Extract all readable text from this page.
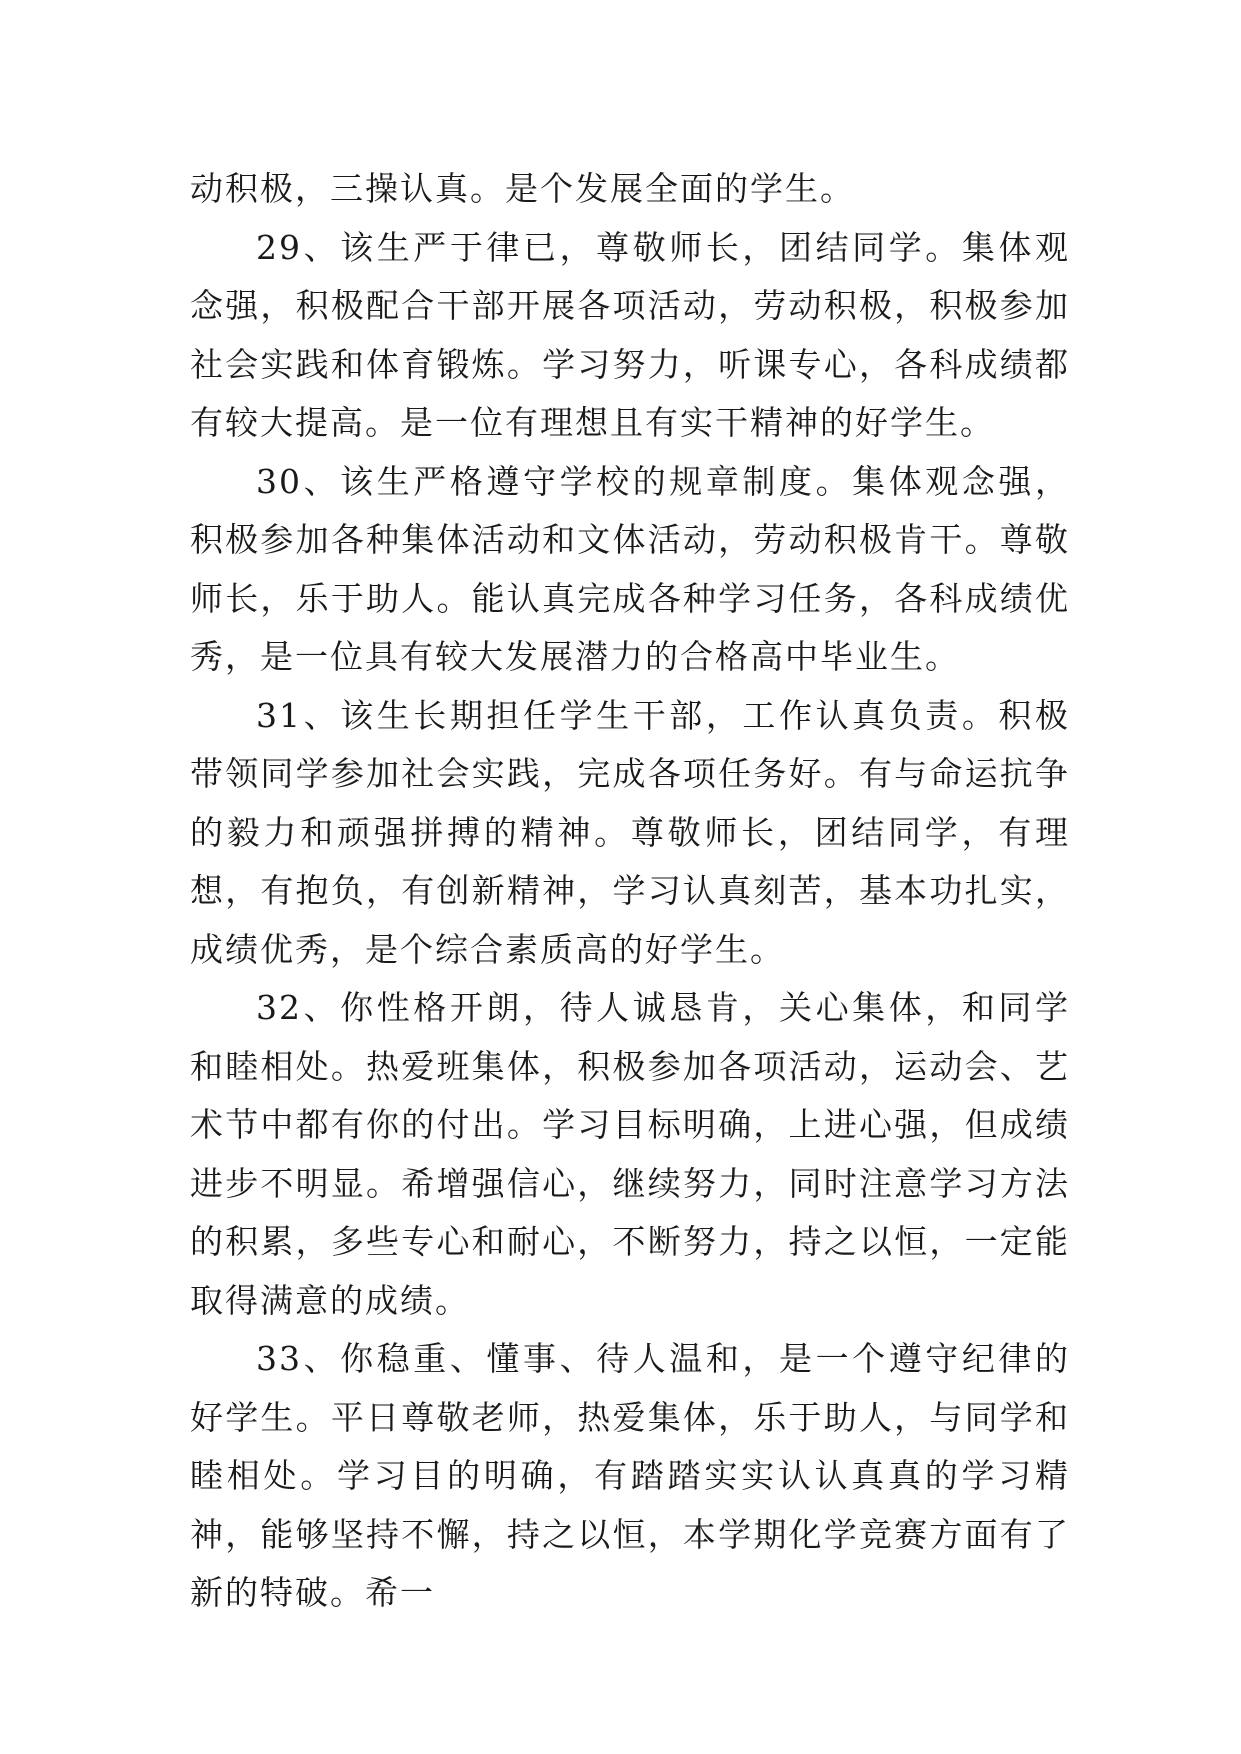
动积极，三操认真。是个发展全面的学生。

29、该生严于律已，尊敬师长，团结同学。集体观念强，积极配合干部开展各项活动，劳动积极，积极参加社会实践和体育锻炼。学习努力，听课专心，各科成绩都有较大提高。是一位有理想且有实干精神的好学生。

30、该生严格遵守学校的规章制度。集体观念强，积极参加各种集体活动和文体活动，劳动积极肯干。尊敬师长，乐于助人。能认真完成各种学习任务，各科成绩优秀，是一位具有较大发展潜力的合格高中毕业生。

31、该生长期担任学生干部，工作认真负责。积极带领同学参加社会实践，完成各项任务好。有与命运抗争的毅力和顽强拼搏的精神。尊敬师长，团结同学，有理想，有抱负，有创新精神，学习认真刻苦，基本功扎实，成绩优秀，是个综合素质高的好学生。

32、你性格开朗，待人诚恳肯，关心集体，和同学和睦相处。热爱班集体，积极参加各项活动，运动会、艺术节中都有你的付出。学习目标明确，上进心强，但成绩进步不明显。希增强信心，继续努力，同时注意学习方法的积累，多些专心和耐心，不断努力，持之以恒，一定能取得满意的成绩。

33、你稳重、懂事、待人温和，是一个遵守纪律的好学生。平日尊敬老师，热爱集体，乐于助人，与同学和睦相处。学习目的明确，有踏踏实实认认真真的学习精神，能够坚持不懈，持之以恒，本学期化学竞赛方面有了新的特破。希一
